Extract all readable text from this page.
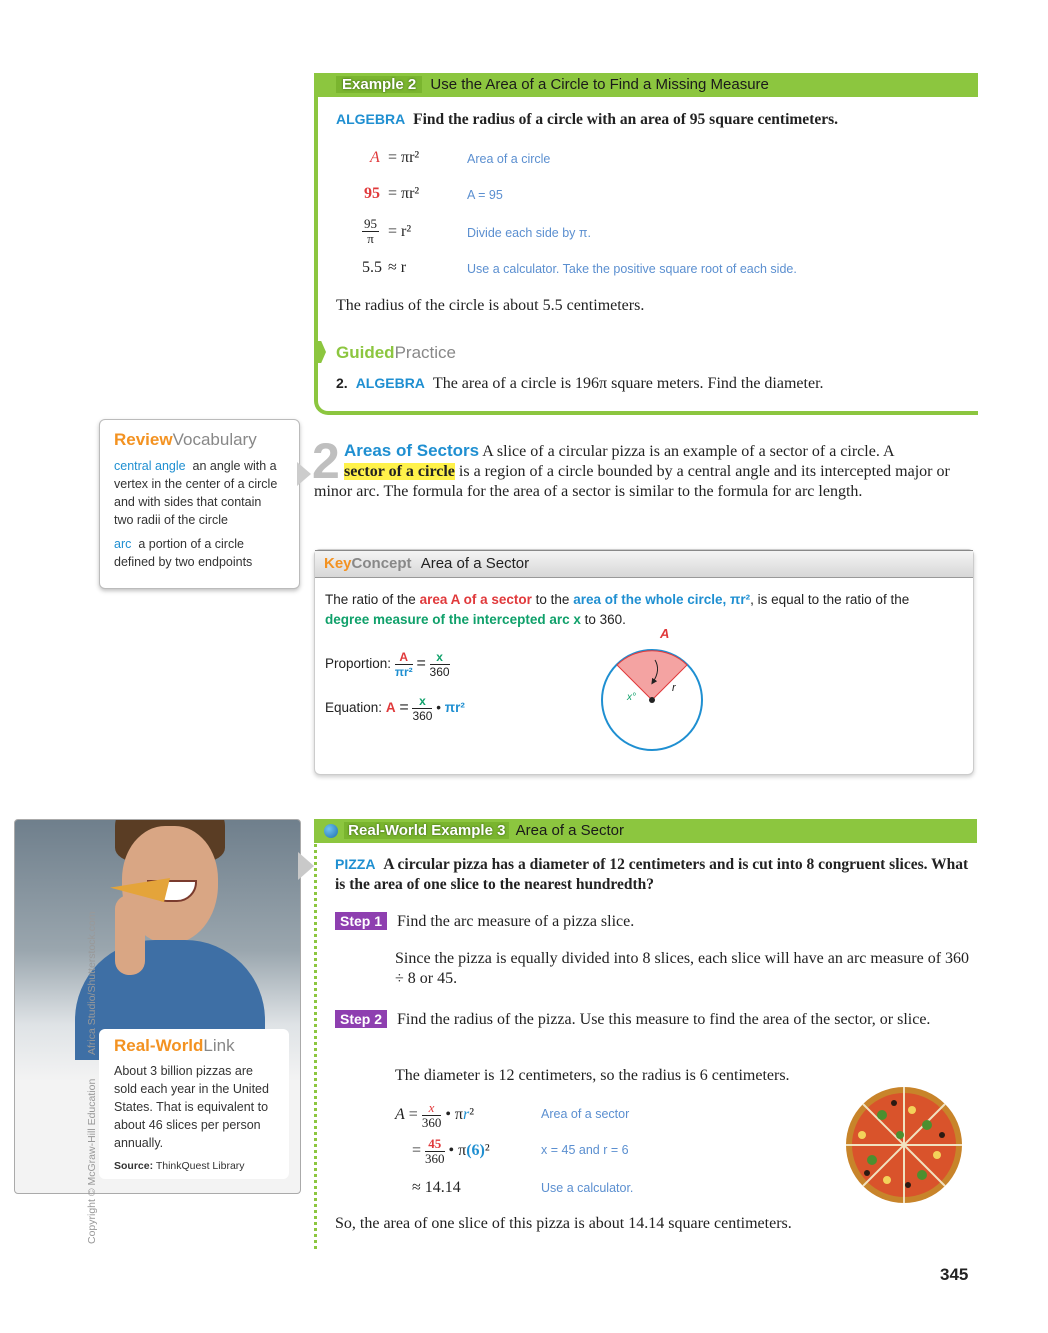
Example 2 Use the Area of a Circle to Find a Missing Measure
ALGEBRA Find the radius of a circle with an area of 95 square centimeters.
A = πr²	Area of a circle
95 = πr²	A = 95
$\frac{95}{\pi} = r^2$	Divide each side by π.
5.5 ≈ r	Use a calculator. Take the positive square root of each side.
The radius of the circle is about 5.5 centimeters.
GuidedPractice
2. ALGEBRA The area of a circle is 196π square meters. Find the diameter.
ReviewVocabulary
central angle an angle with a vertex in the center of a circle and with sides that contain two radii of the circle
arc a portion of a circle defined by two endpoints
2 Areas of Sectors A slice of a circular pizza is an example of a sector of a circle. A
sector of a circle is a region of a circle bounded by a central angle and its intercepted major or minor arc. The formula for the area of a sector is similar to the formula for arc length.
KeyConcept Area of a Sector
The ratio of the area A of a sector to the area of the whole circle, πr², is equal to the ratio of the degree measure of the intercepted arc x to 360.
Proportion: $\frac{A}{\text{πr²}} = \frac{x}{360}$
Equation: $A = \frac{x}{360}$ • πr²
A
x°
r
Real-WorldLink
About 3 billion pizzas are sold each year in the United States. That is equivalent to about 46 slices per person annually.
Source: ThinkQuest Library
Copyright © McGraw-Hill Education
Africa Studio/Shutterstock.com
Real-World Example 3 Area of a Sector
PIZZA A circular pizza has a diameter of 12 centimeters and is cut into 8 congruent slices. What is the area of one slice to the nearest hundredth?
Step 1 Find the arc measure of a pizza slice.
Since the pizza is equally divided into 8 slices, each slice will have an arc measure of 360 ÷ 8 or 45.
Step 2 Find the radius of the pizza. Use this measure to find the area of the sector, or slice.
The diameter is 12 centimeters, so the radius is 6 centimeters.
$A = \frac{x}{360}$ • πr²	Area of a sector
= $\frac{45}{360}$ • π(6)²	x = 45 and r = 6
≈ 14.14	Use a calculator.
So, the area of one slice of this pizza is about 14.14 square centimeters.
345
